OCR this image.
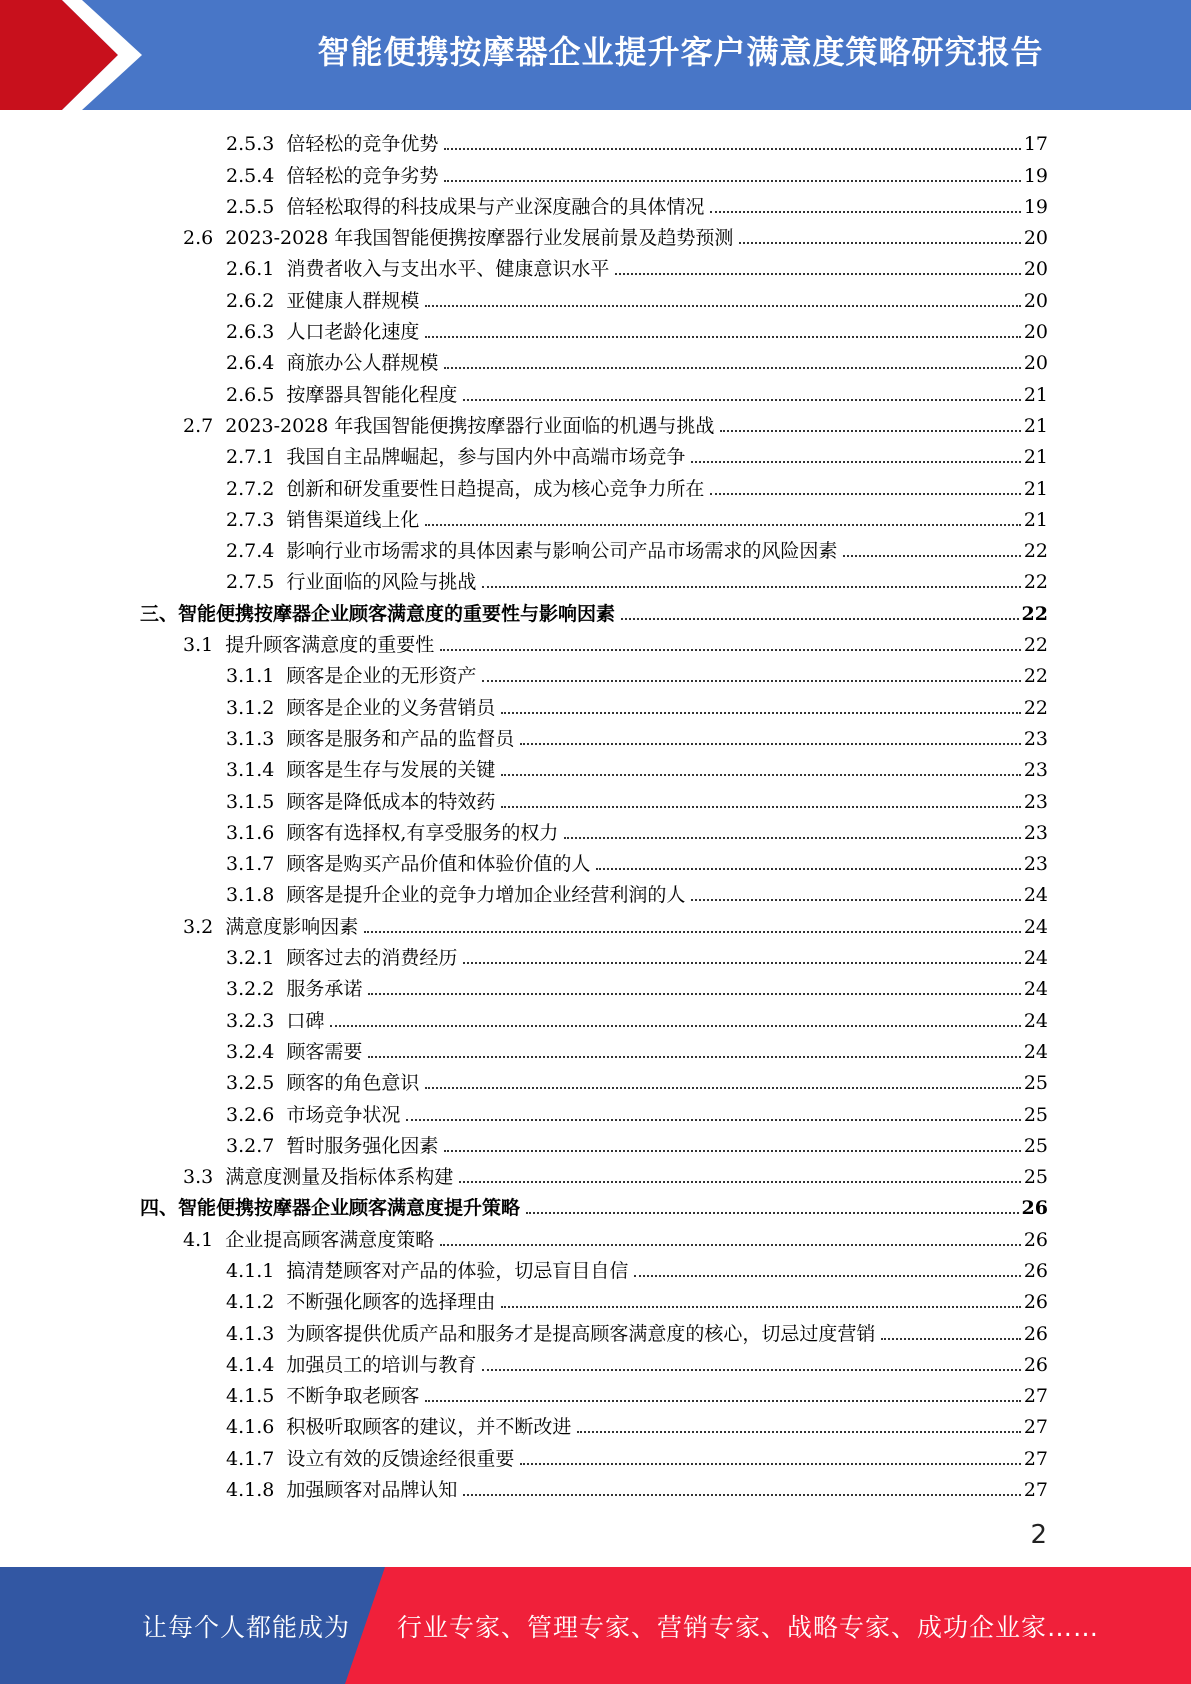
智能便携按摩器企业提升客户满意度策略研究报告
2.5.3 倍轻松的竞争优势	17
2.5.4 倍轻松的竞争劣势	19
2.5.5 倍轻松取得的科技成果与产业深度融合的具体情况	19
2.6 2023-2028 年我国智能便携按摩器行业发展前景及趋势预测	20
2.6.1 消费者收入与支出水平、健康意识水平	20
2.6.2 亚健康人群规模	20
2.6.3 人口老龄化速度	20
2.6.4 商旅办公人群规模	20
2.6.5 按摩器具智能化程度	21
2.7 2023-2028 年我国智能便携按摩器行业面临的机遇与挑战	21
2.7.1 我国自主品牌崛起，参与国内外中高端市场竞争	21
2.7.2 创新和研发重要性日趋提高，成为核心竞争力所在	21
2.7.3 销售渠道线上化	21
2.7.4 影响行业市场需求的具体因素与影响公司产品市场需求的风险因素	22
2.7.5 行业面临的风险与挑战	22
三、 智能便携按摩器企业顾客满意度的重要性与影响因素	22
3.1 提升顾客满意度的重要性	22
3.1.1 顾客是企业的无形资产	22
3.1.2 顾客是企业的义务营销员	22
3.1.3 顾客是服务和产品的监督员	23
3.1.4 顾客是生存与发展的关键	23
3.1.5 顾客是降低成本的特效药	23
3.1.6 顾客有选择权,有享受服务的权力	23
3.1.7 顾客是购买产品价值和体验价值的人	23
3.1.8 顾客是提升企业的竞争力增加企业经营利润的人	24
3.2 满意度影响因素	24
3.2.1 顾客过去的消费经历	24
3.2.2 服务承诺	24
3.2.3 口碑	24
3.2.4 顾客需要	24
3.2.5 顾客的角色意识	25
3.2.6 市场竞争状况	25
3.2.7 暂时服务强化因素	25
3.3 满意度测量及指标体系构建	25
四、 智能便携按摩器企业顾客满意度提升策略	26
4.1 企业提高顾客满意度策略	26
4.1.1 搞清楚顾客对产品的体验，切忌盲目自信	26
4.1.2 不断强化顾客的选择理由	26
4.1.3 为顾客提供优质产品和服务才是提高顾客满意度的核心，切忌过度营销	26
4.1.4 加强员工的培训与教育	26
4.1.5 不断争取老顾客	27
4.1.6 积极听取顾客的建议，并不断改进	27
4.1.7 设立有效的反馈途经很重要	27
4.1.8 加强顾客对品牌认知	27
2
让每个人都能成为 行业专家、管理专家、营销专家、战略专家、成功企业家……
